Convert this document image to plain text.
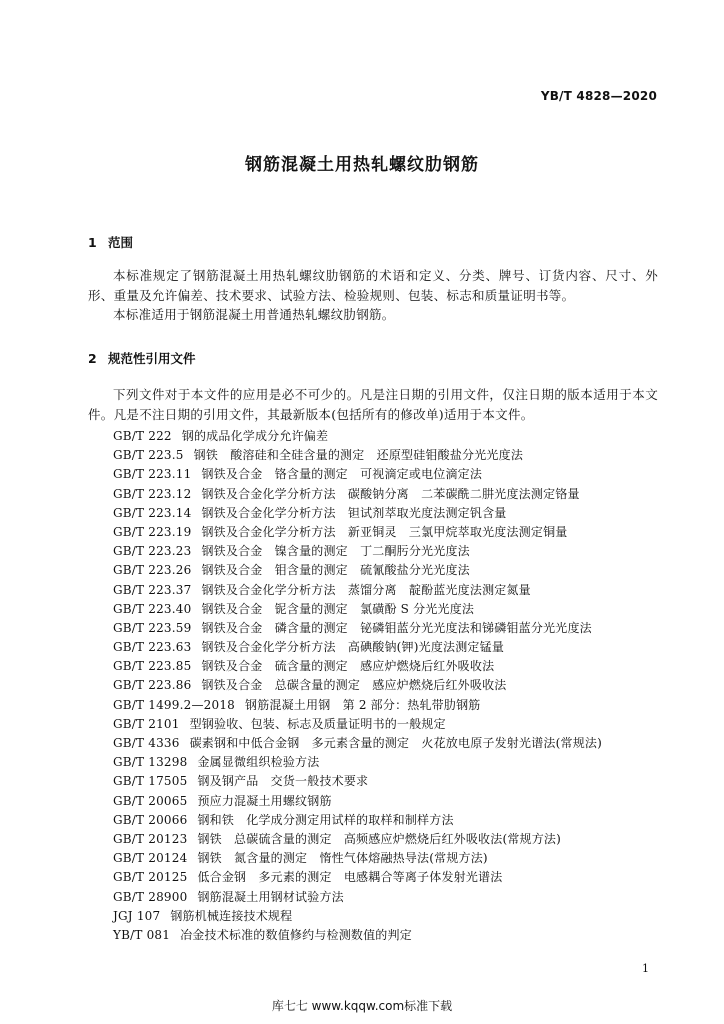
YB/T 4828—2020
钢筋混凝土用热轧螺纹肋钢筋
1 范围
本标准规定了钢筋混凝土用热轧螺纹肋钢筋的术语和定义、分类、牌号、订货内容、尺寸、外形、重量及允许偏差、技术要求、试验方法、检验规则、包装、标志和质量证明书等。
本标准适用于钢筋混凝土用普通热轧螺纹肋钢筋。
2 规范性引用文件
下列文件对于本文件的应用是必不可少的。凡是注日期的引用文件，仅注日期的版本适用于本文件。凡是不注日期的引用文件，其最新版本(包括所有的修改单)适用于本文件。
GB/T 222 钢的成品化学成分允许偏差
GB/T 223.5 钢铁　酸溶硅和全硅含量的测定　还原型硅钼酸盐分光光度法
GB/T 223.11 钢铁及合金　铬含量的测定　可视滴定或电位滴定法
GB/T 223.12 钢铁及合金化学分析方法　碳酸钠分离　二苯碳酰二肼光度法测定铬量
GB/T 223.14 钢铁及合金化学分析方法　钽试剂萃取光度法测定钒含量
GB/T 223.19 钢铁及合金化学分析方法　新亚铜灵　三氯甲烷萃取光度法测定铜量
GB/T 223.23 钢铁及合金　镍含量的测定　丁二酮肟分光光度法
GB/T 223.26 钢铁及合金　钼含量的测定　硫氰酸盐分光光度法
GB/T 223.37 钢铁及合金化学分析方法　蒸馏分离　靛酚蓝光度法测定氮量
GB/T 223.40 钢铁及合金　铌含量的测定　氯磺酚 S 分光光度法
GB/T 223.59 钢铁及合金　磷含量的测定　铋磷钼蓝分光光度法和锑磷钼蓝分光光度法
GB/T 223.63 钢铁及合金化学分析方法　高碘酸钠(钾)光度法测定锰量
GB/T 223.85 钢铁及合金　硫含量的测定　感应炉燃烧后红外吸收法
GB/T 223.86 钢铁及合金　总碳含量的测定　感应炉燃烧后红外吸收法
GB/T 1499.2—2018 钢筋混凝土用钢　第 2 部分：热轧带肋钢筋
GB/T 2101 型钢验收、包装、标志及质量证明书的一般规定
GB/T 4336 碳素钢和中低合金钢　多元素含量的测定　火花放电原子发射光谱法(常规法)
GB/T 13298 金属显微组织检验方法
GB/T 17505 钢及钢产品　交货一般技术要求
GB/T 20065 预应力混凝土用螺纹钢筋
GB/T 20066 钢和铁　化学成分测定用试样的取样和制样方法
GB/T 20123 钢铁　总碳硫含量的测定　高频感应炉燃烧后红外吸收法(常规方法)
GB/T 20124 钢铁　氮含量的测定　惰性气体熔融热导法(常规方法)
GB/T 20125 低合金钢　多元素的测定　电感耦合等离子体发射光谱法
GB/T 28900 钢筋混凝土用钢材试验方法
JGJ 107 钢筋机械连接技术规程
YB/T 081 冶金技术标准的数值修约与检测数值的判定
1
库七七 www.kqqw.com标准下载
